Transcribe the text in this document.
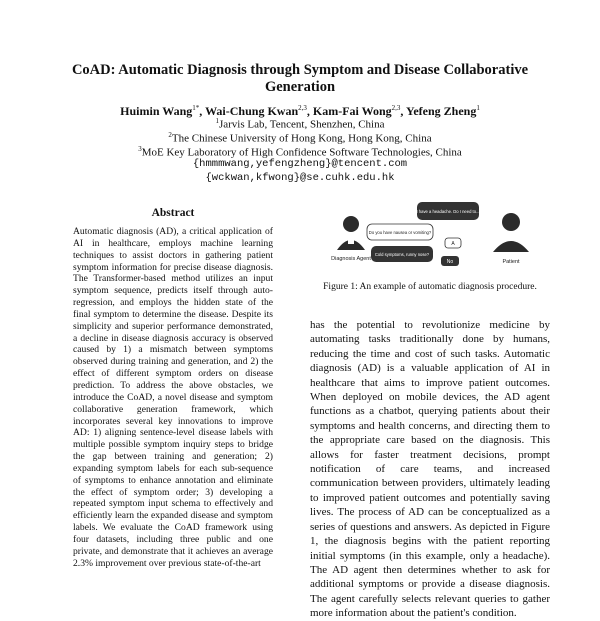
CoAD: Automatic Diagnosis through Symptom and Disease Collaborative Generation
Huimin Wang$^{1*}$, Wai-Chung Kwan$^{2,3}$, Kam-Fai Wong$^{2,3}$, Yefeng Zheng$^1$
$^1$Jarvis Lab, Tencent, Shenzhen, China
$^2$The Chinese University of Hong Kong, Hong Kong, China
$^3$MoE Key Laboratory of High Confidence Software Technologies, China
{hmmmwang,yefengzheng}@tencent.com
{wckwan,kfwong}@se.cuhk.edu.hk
Abstract
Automatic diagnosis (AD), a critical application of AI in healthcare, employs machine learning techniques to assist doctors in gathering patient symptom information for precise disease diagnosis. The Transformer-based method utilizes an input symptom sequence, predicts itself through auto-regression, and employs the hidden state of the final symptom to determine the disease. Despite its simplicity and superior performance demonstrated, a decline in disease diagnosis accuracy is observed caused by 1) a mismatch between symptoms observed during training and generation, and 2) the effect of different symptom orders on disease prediction. To address the above obstacles, we introduce the CoAD, a novel disease and symptom collaborative generation framework, which incorporates several key innovations to improve AD: 1) aligning sentence-level disease labels with multiple possible symptom inquiry steps to bridge the gap between training and generation; 2) expanding symptom labels for each sub-sequence of symptoms to enhance annotation and eliminate the effect of symptom order; 3) developing a repeated symptom input schema to effectively and efficiently learn the expanded disease and symptom labels. We evaluate the CoAD framework using four datasets, including three public and one private, and demonstrate that it achieves an average 2.3% improvement over previous state-of-the-art
Diagnosis Agent	Patient
I have a headache. Do I need to...
Do you have nausea or vomiting?
Cold symptoms, runny nose?
A
No
Figure 1: An example of automatic diagnosis procedure.
has the potential to revolutionize medicine by automating tasks traditionally done by humans, reducing the time and cost of such tasks. Automatic diagnosis (AD) is a valuable application of AI in healthcare that aims to improve patient outcomes. When deployed on mobile devices, the AD agent functions as a chatbot, querying patients about their symptoms and health concerns, and directing them to the appropriate care based on the diagnosis. This allows for faster treatment decisions, prompt notification of care teams, and increased communication between providers, ultimately leading to improved patient outcomes and potentially saving lives. The process of AD can be conceptualized as a series of questions and answers. As depicted in Figure 1, the diagnosis begins with the patient reporting initial symptoms (in this example, only a headache). The AD agent then determines whether to ask for additional symptoms or provide a disease diagnosis. The agent carefully selects relevant queries to gather more information about the patient's condition.
